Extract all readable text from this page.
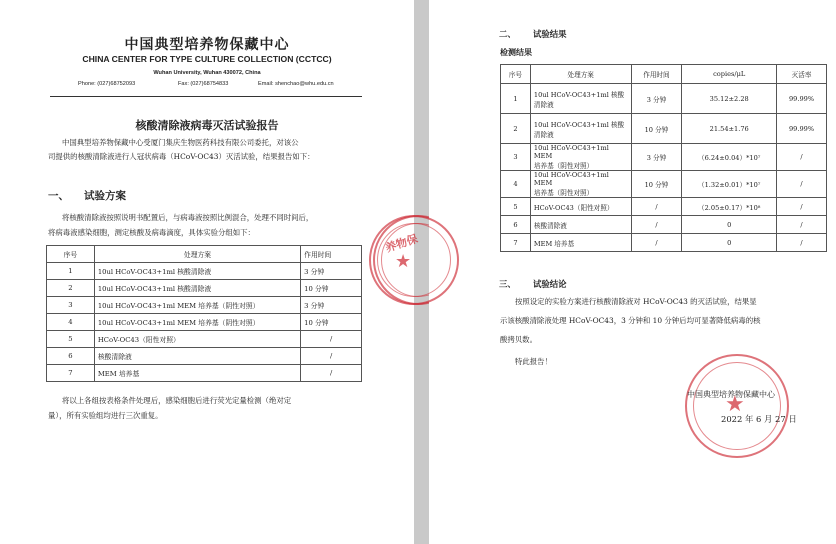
中国典型培养物保藏中心
CHINA CENTER FOR TYPE CULTURE COLLECTION (CCTCC)
Wuhan University, Wuhan 430072, China
Phone: (027)68752093	Fax: (027)68754833	Email: shenchao@whu.edu.cn
核酸清除液病毒灭活试验报告
中国典型培养物保藏中心受厦门集庆生物医药科技有限公司委托，对该公
司提供的核酸清除液进行人冠状病毒（HCoV-OC43）灭活试验，结果报告如下：
一、 试验方案
将核酸清除液按照说明书配置后，与病毒液按照比例混合，处理不同时间后，
将病毒液感染细胞，测定核酸及病毒滴度，具体实验分组如下：
序号	处理方案	作用时间
1	10ul HCoV-OC43+1ml 核酸清除液	3 分钟
2	10ul HCoV-OC43+1ml 核酸清除液	10 分钟
3	10ul HCoV-OC43+1ml MEM 培养基（阴性对照）	3 分钟
4	10ul HCoV-OC43+1ml MEM 培养基（阴性对照）	10 分钟
5	HCoV-OC43（阳性对照）	/
6	核酸清除液	/
7	MEM 培养基	/
将以上各组按表格条件处理后，感染细胞后进行荧光定量检测（绝对定
量），所有实验组均进行三次重复。
养物保
★
二、 试验结果
检测结果
序号	处理方案	作用时间	copies/μL	灭活率
1	10ul HCoV-OC43+1ml 核酸
清除液	3 分钟	35.12±2.28	99.99%
2	10ul HCoV-OC43+1ml 核酸
清除液	10 分钟	21.54±1.76	99.99%
3	10ul HCoV-OC43+1ml MEM
培养基（阴性对照）	3 分钟	（6.24±0.04）*10⁷	/
4	10ul HCoV-OC43+1ml MEM
培养基（阴性对照）	10 分钟	（1.32±0.01）*10⁷	/
5	HCoV-OC43（阳性对照）	/	（2.05±0.17）*10⁸	/
6	核酸清除液	/	0	/
7	MEM 培养基	/	0	/
三、 试验结论
按照设定的实验方案进行核酸清除液对 HCoV-OC43 的灭活试验，结果显
示该核酸清除液处理 HCoV-OC43，3 分钟和 10 分钟后均可显著降低病毒的核
酸拷贝数。
特此报告！
★
中国典型培养物保藏中心
2022 年 6 月 27 日
